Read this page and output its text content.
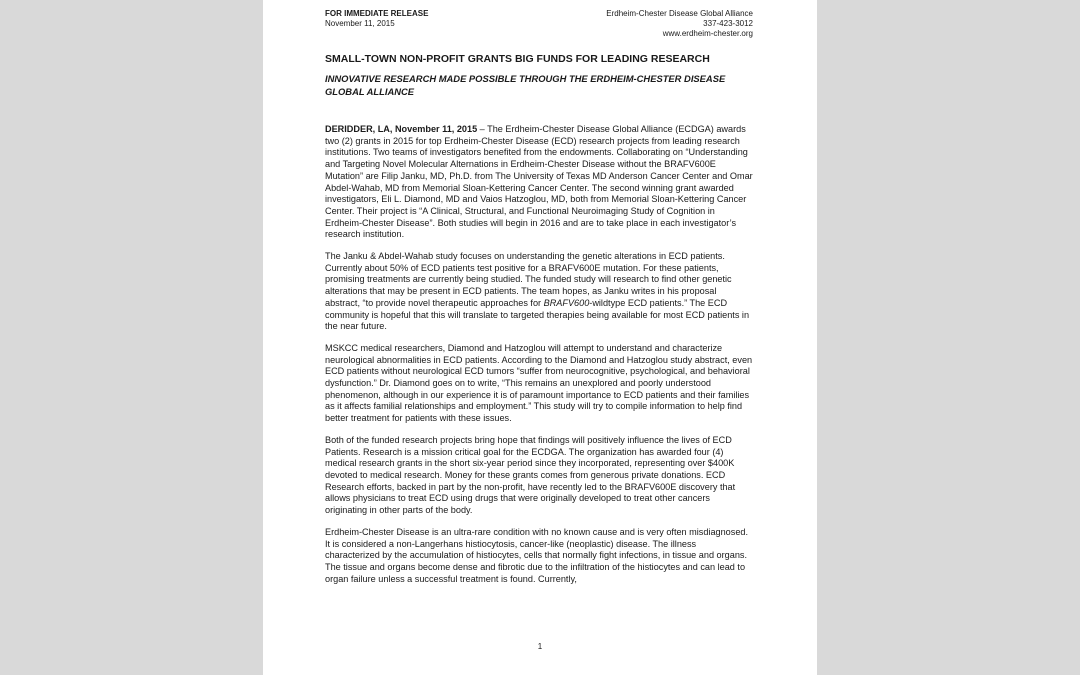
FOR IMMEDIATE RELEASE
November 11, 2015
Erdheim-Chester Disease Global Alliance
337-423-3012
www.erdheim-chester.org
SMALL-TOWN NON-PROFIT GRANTS BIG FUNDS FOR LEADING RESEARCH
INNOVATIVE RESEARCH MADE POSSIBLE THROUGH THE ERDHEIM-CHESTER DISEASE GLOBAL ALLIANCE

DERIDDER, LA, November 11, 2015 – The Erdheim-Chester Disease Global Alliance (ECDGA) awards two (2) grants in 2015 for top Erdheim-Chester Disease (ECD) research projects from leading research institutions. Two teams of investigators benefited from the endowments. Collaborating on “Understanding and Targeting Novel Molecular Alternations in Erdheim-Chester Disease without the BRAFV600E Mutation” are Filip Janku, MD, Ph.D. from The University of Texas MD Anderson Cancer Center and Omar Abdel-Wahab, MD from Memorial Sloan-Kettering Cancer Center. The second winning grant awarded investigators, Eli L. Diamond, MD and Vaios Hatzoglou, MD, both from Memorial Sloan-Kettering Cancer Center. Their project is “A Clinical, Structural, and Functional Neuroimaging Study of Cognition in Erdheim-Chester Disease”. Both studies will begin in 2016 and are to take place in each investigator’s research institution.

The Janku & Abdel-Wahab study focuses on understanding the genetic alterations in ECD patients. Currently about 50% of ECD patients test positive for a BRAFV600E mutation. For these patients, promising treatments are currently being studied. The funded study will research to find other genetic alterations that may be present in ECD patients. The team hopes, as Janku writes in his proposal abstract, “to provide novel therapeutic approaches for BRAFV600-wildtype ECD patients.” The ECD community is hopeful that this will translate to targeted therapies being available for most ECD patients in the near future.

MSKCC medical researchers, Diamond and Hatzoglou will attempt to understand and characterize neurological abnormalities in ECD patients. According to the Diamond and Hatzoglou study abstract, even ECD patients without neurological ECD tumors “suffer from neurocognitive, psychological, and behavioral dysfunction.” Dr. Diamond goes on to write, “This remains an unexplored and poorly understood phenomenon, although in our experience it is of paramount importance to ECD patients and their families as it affects familial relationships and employment.” This study will try to compile information to help find better treatment for patients with these issues.

Both of the funded research projects bring hope that findings will positively influence the lives of ECD Patients. Research is a mission critical goal for the ECDGA. The organization has awarded four (4) medical research grants in the short six-year period since they incorporated, representing over $400K devoted to medical research. Money for these grants comes from generous private donations. ECD Research efforts, backed in part by the non-profit, have recently led to the BRAFV600E discovery that allows physicians to treat ECD using drugs that were originally developed to treat other cancers originating in other parts of the body.

Erdheim-Chester Disease is an ultra-rare condition with no known cause and is very often misdiagnosed. It is considered a non-Langerhans histiocytosis, cancer-like (neoplastic) disease. The illness characterized by the accumulation of histiocytes, cells that normally fight infections, in tissue and organs. The tissue and organs become dense and fibrotic due to the infiltration of the histiocytes and can lead to organ failure unless a successful treatment is found. Currently,

1
